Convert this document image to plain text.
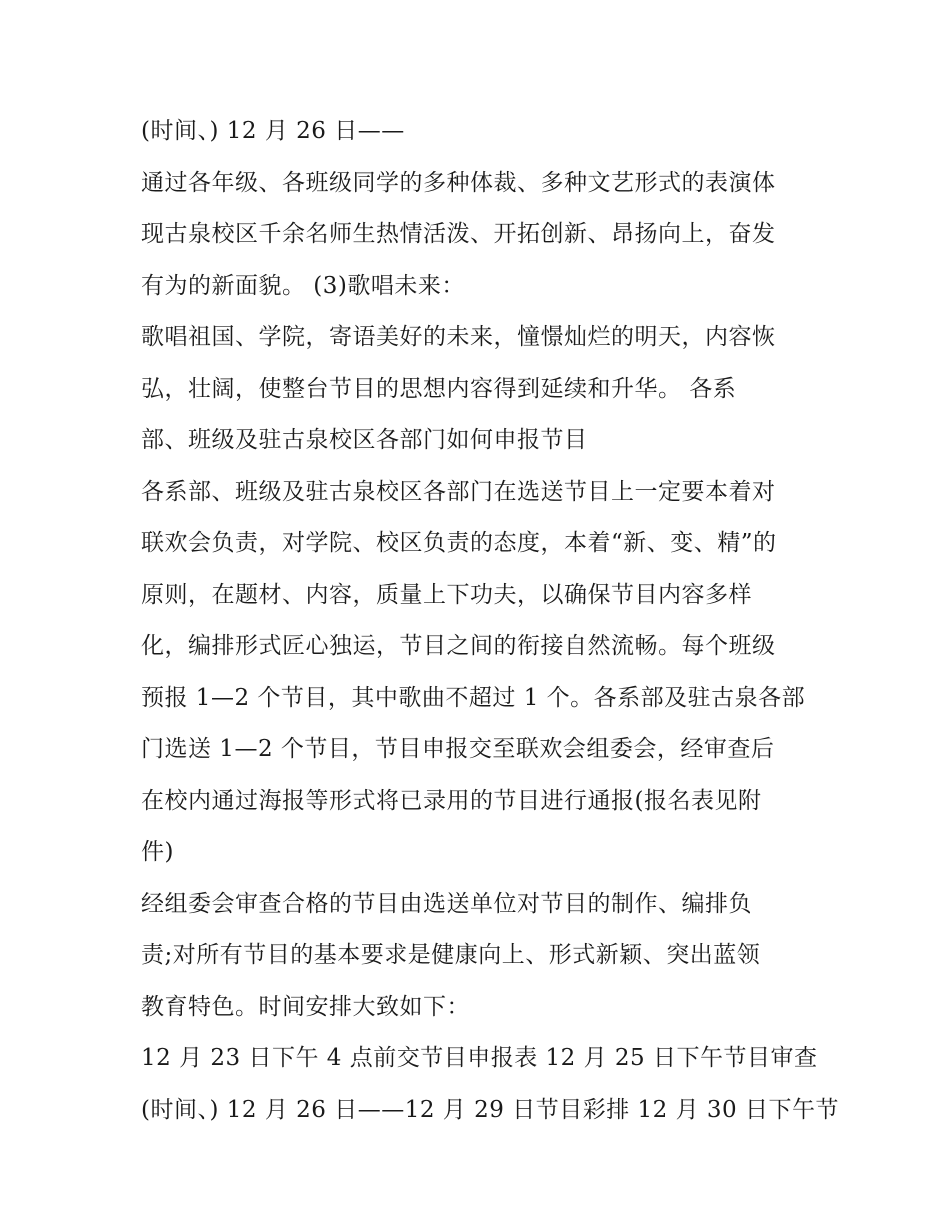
(时间、) 12 月 26 日——
通过各年级、各班级同学的多种体裁、多种文艺形式的表演体
现古泉校区千余名师生热情活泼、开拓创新、昂扬向上，奋发
有为的新面貌。 (3)歌唱未来：
歌唱祖国、学院，寄语美好的未来，憧憬灿烂的明天，内容恢
弘，壮阔，使整台节目的思想内容得到延续和升华。 各系
部、班级及驻古泉校区各部门如何申报节目
各系部、班级及驻古泉校区各部门在选送节目上一定要本着对
联欢会负责，对学院、校区负责的态度，本着“新、变、精”的
原则，在题材、内容，质量上下功夫，以确保节目内容多样
化，编排形式匠心独运，节目之间的衔接自然流畅。每个班级
预报 1—2 个节目，其中歌曲不超过 1 个。各系部及驻古泉各部
门选送 1—2 个节目，节目申报交至联欢会组委会，经审查后
在校内通过海报等形式将已录用的节目进行通报(报名表见附
件)
经组委会审查合格的节目由选送单位对节目的制作、编排负
责;对所有节目的基本要求是健康向上、形式新颖、突出蓝领
教育特色。时间安排大致如下：
12 月 23 日下午 4 点前交节目申报表 12 月 25 日下午节目审查
(时间、) 12 月 26 日——12 月 29 日节目彩排 12 月 30 日下午节
